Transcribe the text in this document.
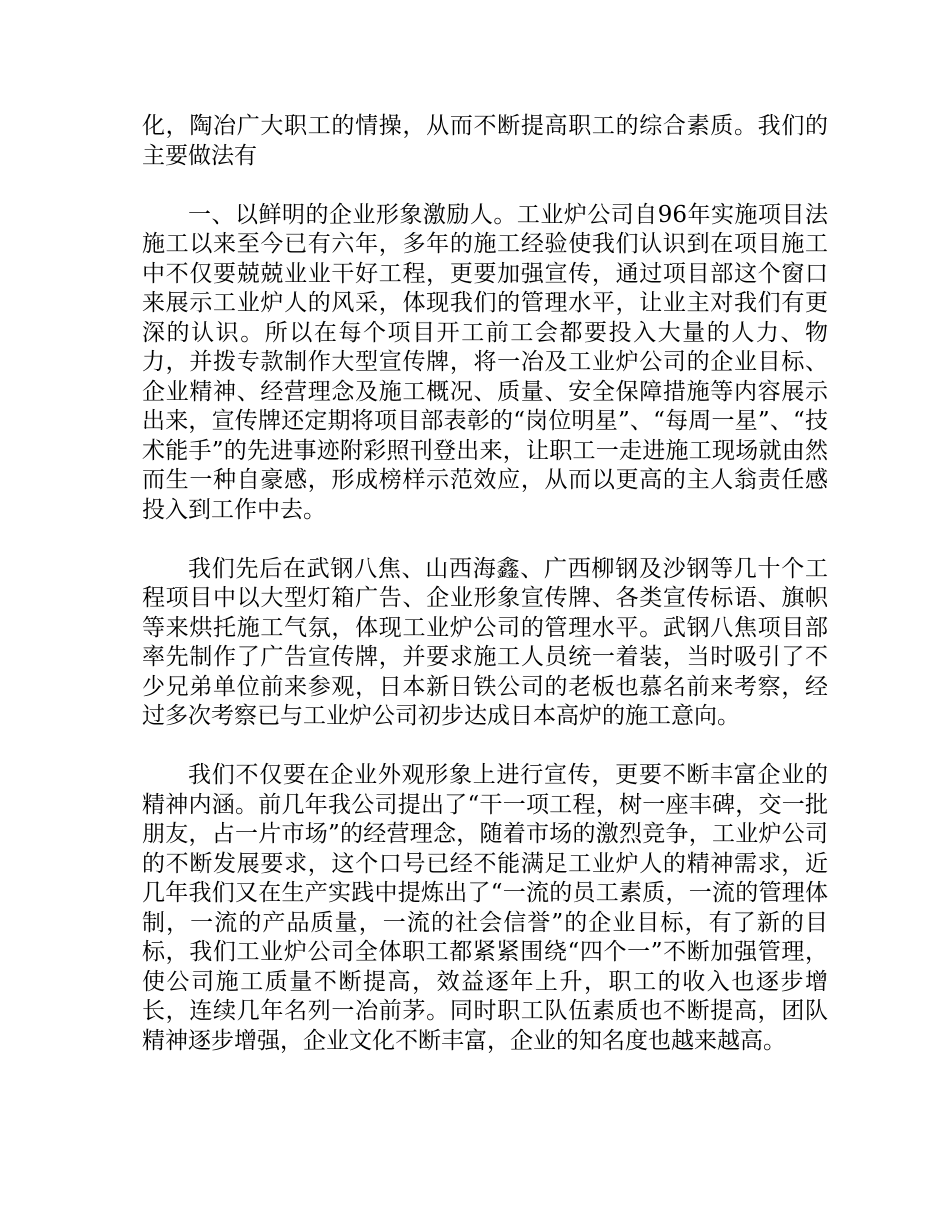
化，陶冶广大职工的情操，从而不断提高职工的综合素质。我们的主要做法有

一、以鲜明的企业形象激励人。工业炉公司自96年实施项目法施工以来至今已有六年，多年的施工经验使我们认识到在项目施工中不仅要兢兢业业干好工程，更要加强宣传，通过项目部这个窗口来展示工业炉人的风采，体现我们的管理水平，让业主对我们有更深的认识。所以在每个项目开工前工会都要投入大量的人力、物力，并拨专款制作大型宣传牌，将一冶及工业炉公司的企业目标、企业精神、经营理念及施工概况、质量、安全保障措施等内容展示出来，宣传牌还定期将项目部表彰的“岗位明星”、“每周一星”、“技术能手”的先进事迹附彩照刊登出来，让职工一走进施工现场就由然而生一种自豪感，形成榜样示范效应，从而以更高的主人翁责任感投入到工作中去。

我们先后在武钢八焦、山西海鑫、广西柳钢及沙钢等几十个工程项目中以大型灯箱广告、企业形象宣传牌、各类宣传标语、旗帜等来烘托施工气氛，体现工业炉公司的管理水平。武钢八焦项目部率先制作了广告宣传牌，并要求施工人员统一着装，当时吸引了不少兄弟单位前来参观，日本新日铁公司的老板也慕名前来考察，经过多次考察已与工业炉公司初步达成日本高炉的施工意向。

我们不仅要在企业外观形象上进行宣传，更要不断丰富企业的精神内涵。前几年我公司提出了“干一项工程，树一座丰碑，交一批朋友，占一片市场”的经营理念，随着市场的激烈竞争，工业炉公司的不断发展要求，这个口号已经不能满足工业炉人的精神需求，近几年我们又在生产实践中提炼出了“一流的员工素质，一流的管理体制，一流的产品质量，一流的社会信誉”的企业目标，有了新的目标，我们工业炉公司全体职工都紧紧围绕“四个一”不断加强管理，使公司施工质量不断提高，效益逐年上升，职工的收入也逐步增长，连续几年名列一冶前茅。同时职工队伍素质也不断提高，团队精神逐步增强，企业文化不断丰富，企业的知名度也越来越高。
